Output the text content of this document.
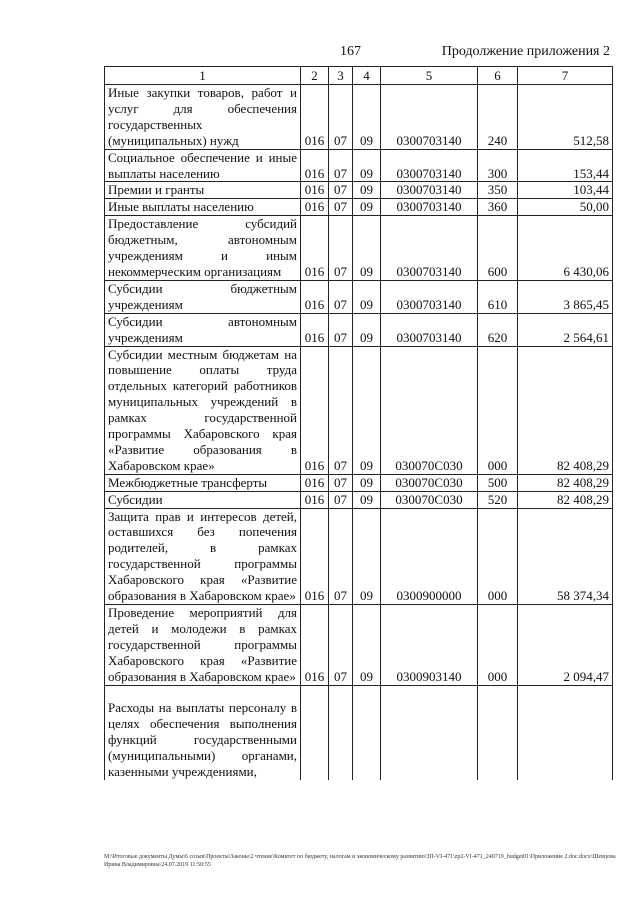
167	Продолжение приложения 2
1	2	3	4	5	6	7

Иные закупки товаров, работ и услуг для обеспечения государственных (муниципальных) нужд	016	07	09	0300703140	240	512,58

Социальное обеспечение и иные выплаты населению	016	07	09	0300703140	300	153,44

Премии и гранты	016	07	09	0300703140	350	103,44

Иные выплаты населению	016	07	09	0300703140	360	50,00

Предоставление субсидий бюджетным, автономным учреждениям и иным некоммерческим организациям	016	07	09	0300703140	600	6 430,06

Субсидии бюджетным учреждениям	016	07	09	0300703140	610	3 865,45

Субсидии автономным учреждениям	016	07	09	0300703140	620	2 564,61

Субсидии местным бюджетам на повышение оплаты труда отдельных категорий работников муниципальных учреждений в рамках государственной программы Хабаровского края «Развитие образования в Хабаровском крае»	016	07	09	030070С030	000	82 408,29

Межбюджетные трансферты	016	07	09	030070С030	500	82 408,29

Субсидии	016	07	09	030070С030	520	82 408,29

Защита прав и интересов детей, оставшихся без попечения родителей, в рамках государственной программы Хабаровского края «Развитие образования в Хабаровском крае»	016	07	09	0300900000	000	58 374,34

Проведение мероприятий для детей и молодежи в рамках государственной программы Хабаровского края «Развитие образования в Хабаровском крае»	016	07	09	0300903140	000	2 094,47

Расходы на выплаты персоналу в целях обеспечения выполнения функций государственными (муниципальными) органами, казенными учреждениями,						

M:\Итоговые документы Думы\6 созыв\Проекты\Законы\2 чтение\Комитет по бюджету, налогам и экономическому развитию\ЗП-VI-471\zp2-VI-471_240719_budget01\Приложение 2.doc.docx\Шевцова Ирина Владимировна\24.07.2019 11:50:55
